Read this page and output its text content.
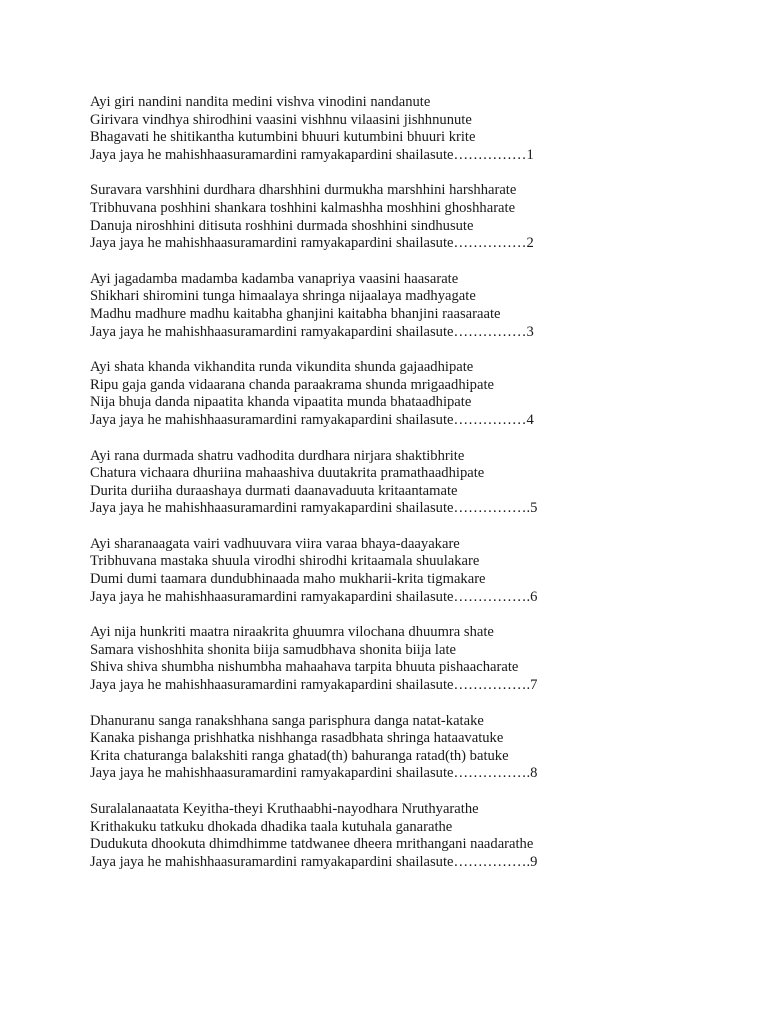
Ayi giri nandini nandita medini vishva vinodini nandanute
Girivara vindhya shirodhini vaasini vishhnu vilaasini jishhnunute
Bhagavati he shitikantha kutumbini bhuuri kutumbini bhuuri krite
Jaya jaya he mahishhaasuramardini ramyakapardini shailasute……………1
Suravara varshhini durdhara dharshhini durmukha marshhini harshharate
Tribhuvana poshhini shankara toshhini kalmashha moshhini ghoshharate
Danuja niroshhini ditisuta roshhini durmada shoshhini sindhusute
Jaya jaya he mahishhaasuramardini ramyakapardini shailasute……………2
Ayi jagadamba madamba kadamba vanapriya vaasini haasarate
Shikhari shiromini tunga himaalaya shringa nijaalaya madhyagate
Madhu madhure madhu kaitabha ghanjini kaitabha bhanjini raasaraate
Jaya jaya he mahishhaasuramardini ramyakapardini shailasute……………3
Ayi shata khanda vikhandita runda vikundita shunda gajaadhipate
Ripu gaja ganda vidaarana chanda paraakrama shunda mrigaadhipate
Nija bhuja danda nipaatita khanda vipaatita munda bhataadhipate
Jaya jaya he mahishhaasuramardini ramyakapardini shailasute……………4
Ayi rana durmada shatru vadhodita durdhara nirjara shaktibhrite
Chatura vichaara dhuriina mahaashiva duutakrita pramathaadhipate
Durita duriiha duraashaya durmati daanavaduuta kritaantamate
Jaya jaya he mahishhaasuramardini ramyakapardini shailasute…………….5
Ayi sharanaagata vairi vadhuuvara viira varaa bhaya-daayakare
Tribhuvana mastaka shuula virodhi shirodhi kritaamala shuulakare
Dumi dumi taamara dundubhinaada maho mukharii-krita tigmakare
Jaya jaya he mahishhaasuramardini ramyakapardini shailasute…………….6
Ayi nija hunkriti maatra niraakrita ghuumra vilochana dhuumra shate
Samara vishoshhita shonita biija samudbhava shonita biija late
Shiva shiva shumbha nishumbha mahaahava tarpita bhuuta pishaacharate
Jaya jaya he mahishhaasuramardini ramyakapardini shailasute…………….7
Dhanuranu sanga ranakshhana sanga parisphura danga natat-katake
Kanaka pishanga prishhatka nishhanga rasadbhata shringa hataavatuke
Krita chaturanga balakshiti ranga ghatad(th) bahuranga ratad(th) batuke
Jaya jaya he mahishhaasuramardini ramyakapardini shailasute…………….8
Suralalanaatata Keyitha-theyi Kruthaabhi-nayodhara Nruthyarathe
Krithakuku tatkuku dhokada dhadika taala kutuhala ganarathe
Dudukuta dhookuta dhimdhimme tatdwanee dheera mrithangani naadarathe
Jaya jaya he mahishhaasuramardini ramyakapardini shailasute…………….9
